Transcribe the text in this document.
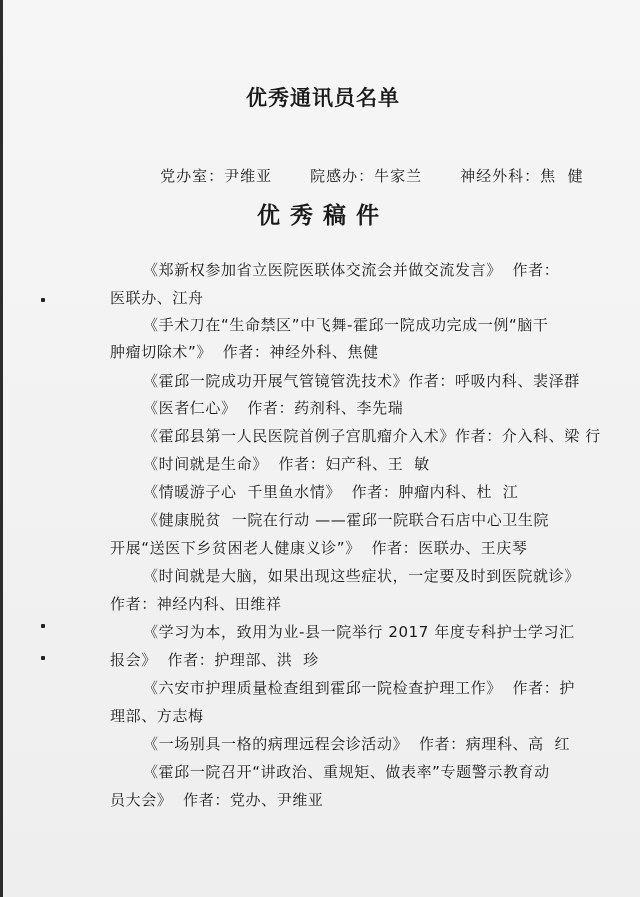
优秀通讯员名单

党办室：尹维亚	院感办：牛家兰	神经外科：焦  健

优秀稿件
《郑新权参加省立医院医联体交流会并做交流发言》  作者：
医联办、江舟
《手术刀在“生命禁区”中飞舞-霍邱一院成功完成一例“脑干
肿瘤切除术”》  作者：神经外科、焦健
《霍邱一院成功开展气管镜管洗技术》作者：呼吸内科、裴泽群
《医者仁心》  作者：药剂科、李先瑞
《霍邱县第一人民医院首例子宫肌瘤介入术》作者：介入科、梁 行
《时间就是生命》  作者：妇产科、王  敏
《情暖游子心  千里鱼水情》  作者：肿瘤内科、杜  江
《健康脱贫  一院在行动 ——霍邱一院联合石店中心卫生院
开展“送医下乡贫困老人健康义诊”》  作者：医联办、王庆琴
《时间就是大脑，如果出现这些症状，一定要及时到医院就诊》
作者：神经内科、田维祥
《学习为本，致用为业-县一院举行 2017 年度专科护士学习汇
报会》  作者：护理部、洪  珍
《六安市护理质量检查组到霍邱一院检查护理工作》  作者：护
理部、方志梅
《一场别具一格的病理远程会诊活动》  作者：病理科、高  红
《霍邱一院召开“讲政治、重规矩、做表率”专题警示教育动
员大会》  作者：党办、尹维亚
